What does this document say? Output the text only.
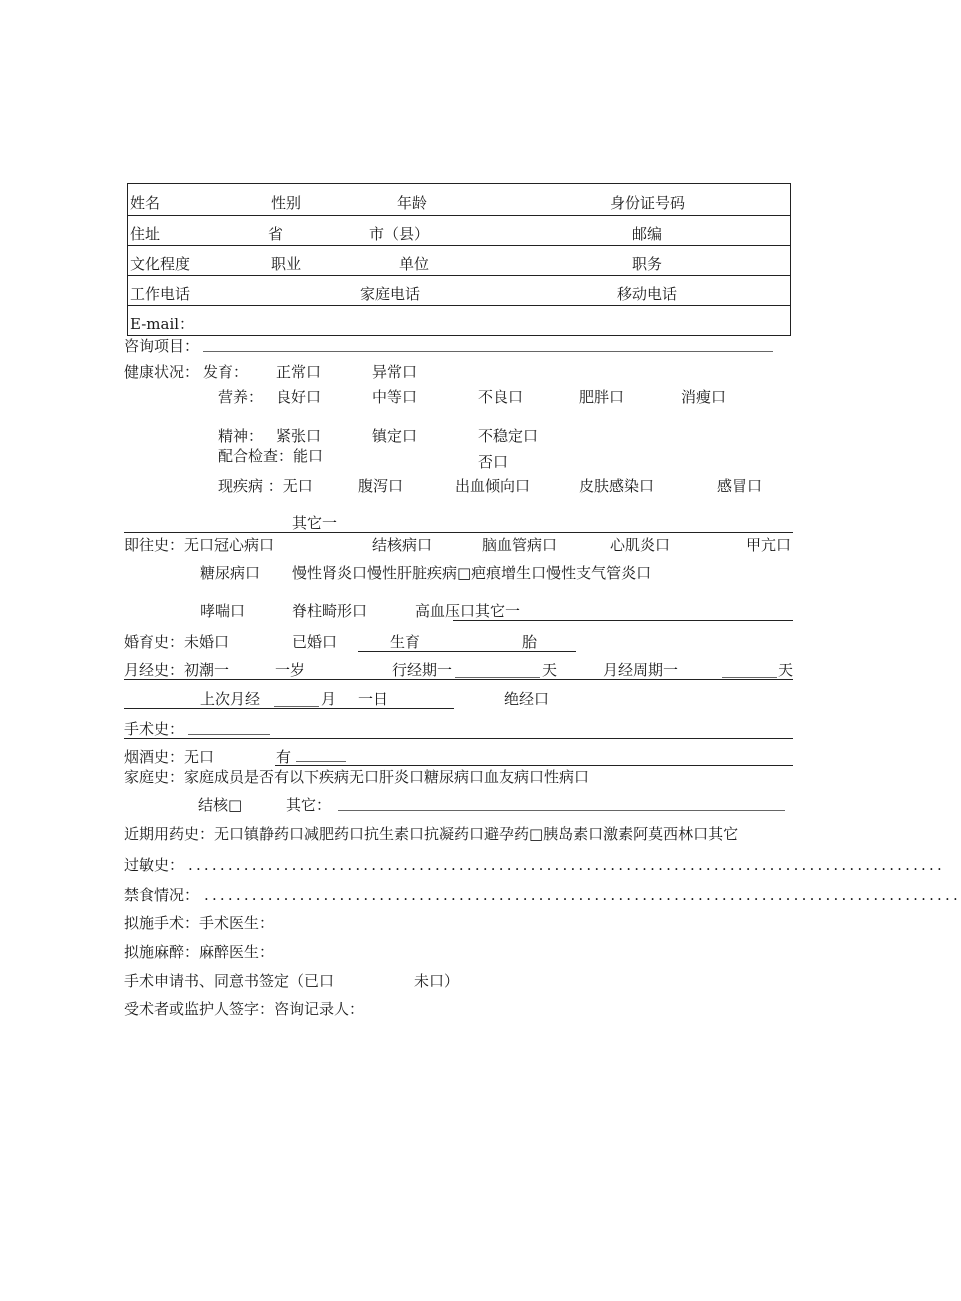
姓名	性别	年龄	身份证号码
住址	省	市（县）	邮编
文化程度	职业	单位	职务
工作电话	家庭电话	移动电话
E-mail：
咨询项目：
健康状况： 发育： 正常口	异常口
营养： 良好口	中等口	不良口	肥胖口	消瘦口
精神： 紧张口	镇定口	不稳定口
配合检查：能口	否口
现疾病 ：无口	腹泻口	出血倾向口	皮肤感染口	感冒口
其它一
即往史：无口冠心病口	结核病口	脑血管病口	心肌炎口	甲亢口
糖尿病口 慢性肾炎口慢性肝脏疾病□疤痕增生口慢性支气管炎口
哮喘口	脊柱畸形口	高血压口其它一
婚育史：未婚口	已婚口	生育	胎
月经史：初潮一	一岁	行经期一	天	月经周期一	天
上次月经	月 一日	绝经口
手术史：
烟酒史：无口	有
家庭史：家庭成员是否有以下疾病无口肝炎口糖尿病口血友病口性病口
结核□	其它：
近期用药史：无口镇静药口减肥药口抗生素口抗凝药口避孕药□胰岛素口激素阿莫西林口其它
过敏史： ...............................................................................................
禁食情况： ...............................................................................................
拟施手术：手术医生：
拟施麻醉：麻醉医生：
手术申请书、同意书签定（已口	未口）
受术者或监护人签字：咨询记录人：
